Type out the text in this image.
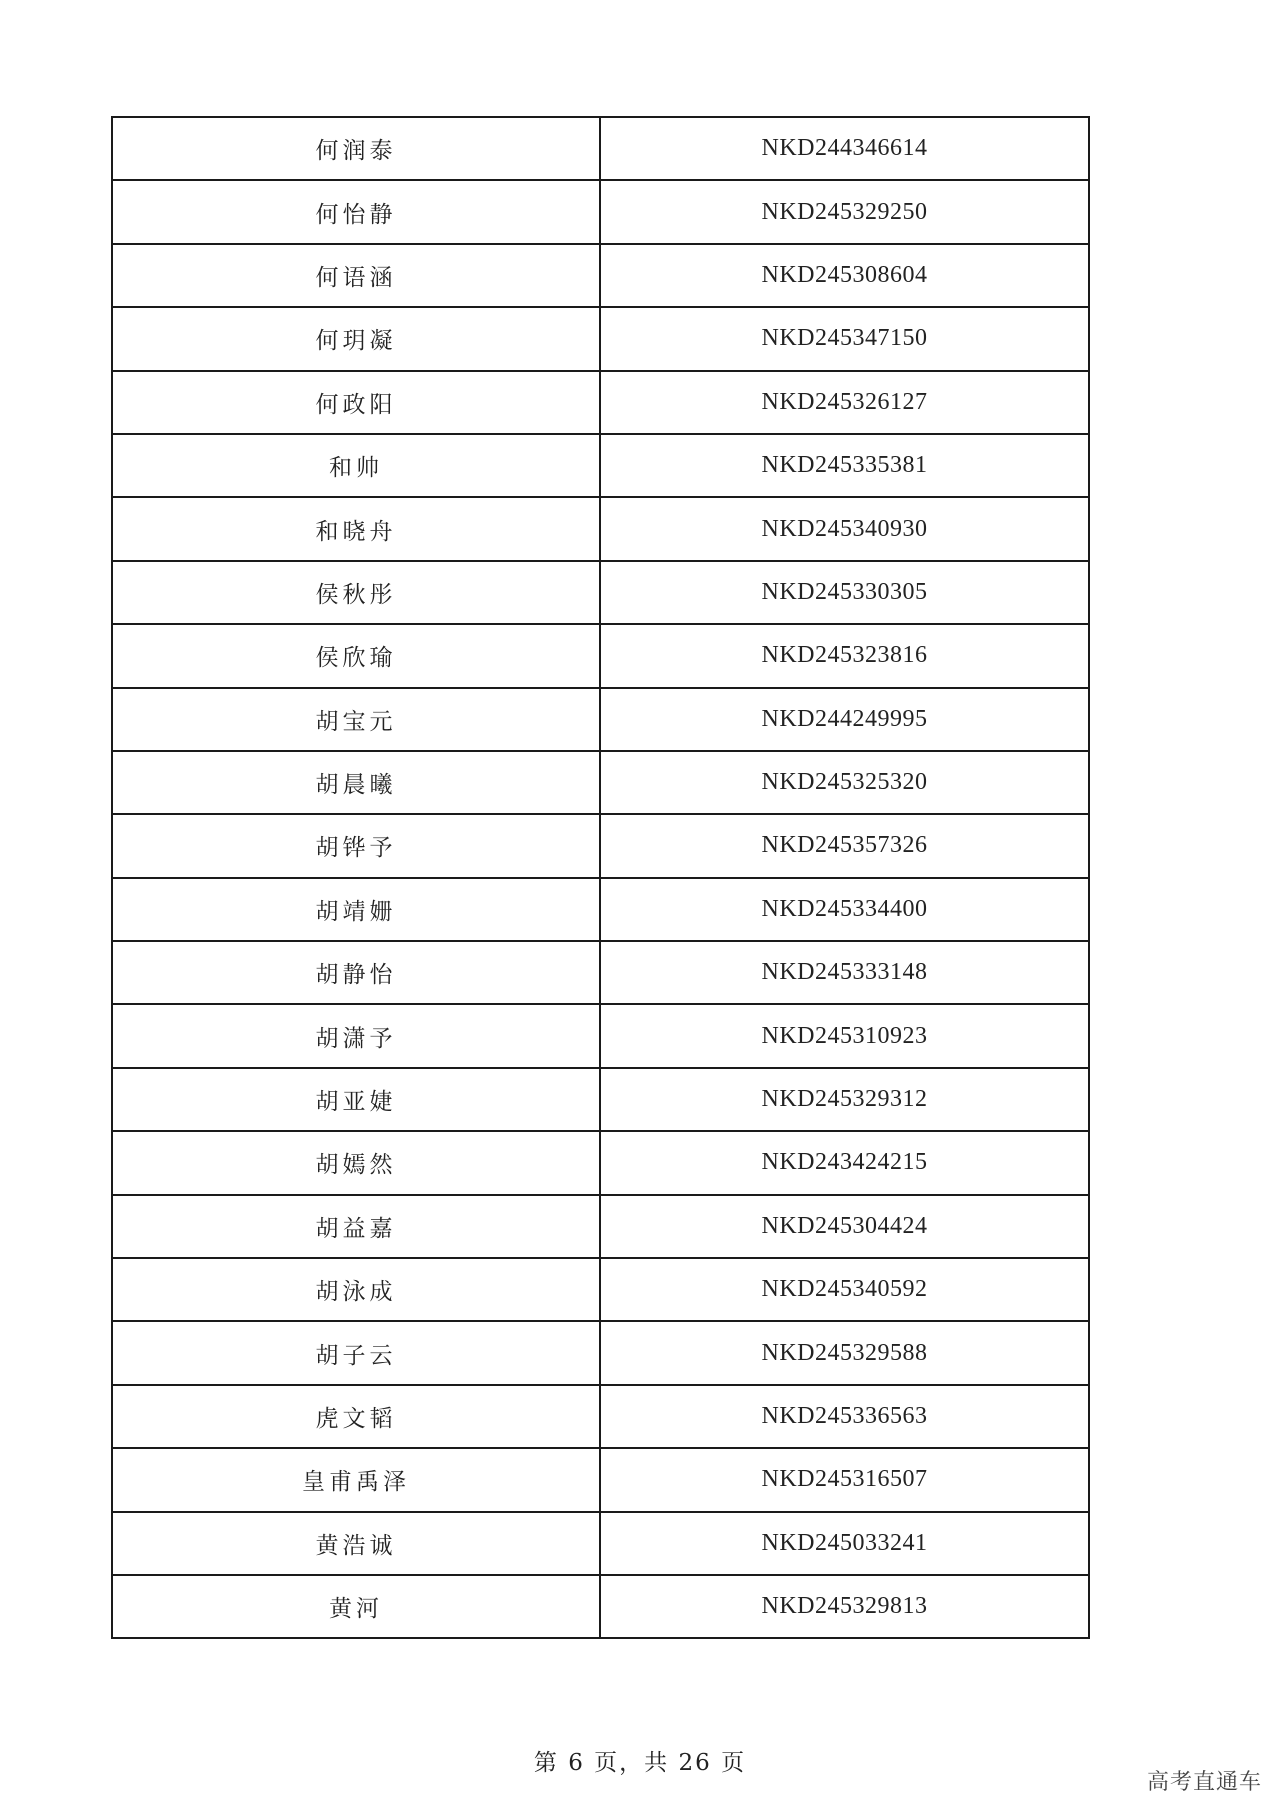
何润泰	NKD244346614
何怡静	NKD245329250
何语涵	NKD245308604
何玥凝	NKD245347150
何政阳	NKD245326127
和帅	NKD245335381
和晓舟	NKD245340930
侯秋彤	NKD245330305
侯欣瑜	NKD245323816
胡宝元	NKD244249995
胡晨曦	NKD245325320
胡铧予	NKD245357326
胡靖姗	NKD245334400
胡静怡	NKD245333148
胡潇予	NKD245310923
胡亚婕	NKD245329312
胡嫣然	NKD243424215
胡益嘉	NKD245304424
胡泳成	NKD245340592
胡子云	NKD245329588
虎文韬	NKD245336563
皇甫禹泽	NKD245316507
黄浩诚	NKD245033241
黄河	NKD245329813
第 6 页，共 26 页
高考直通车
